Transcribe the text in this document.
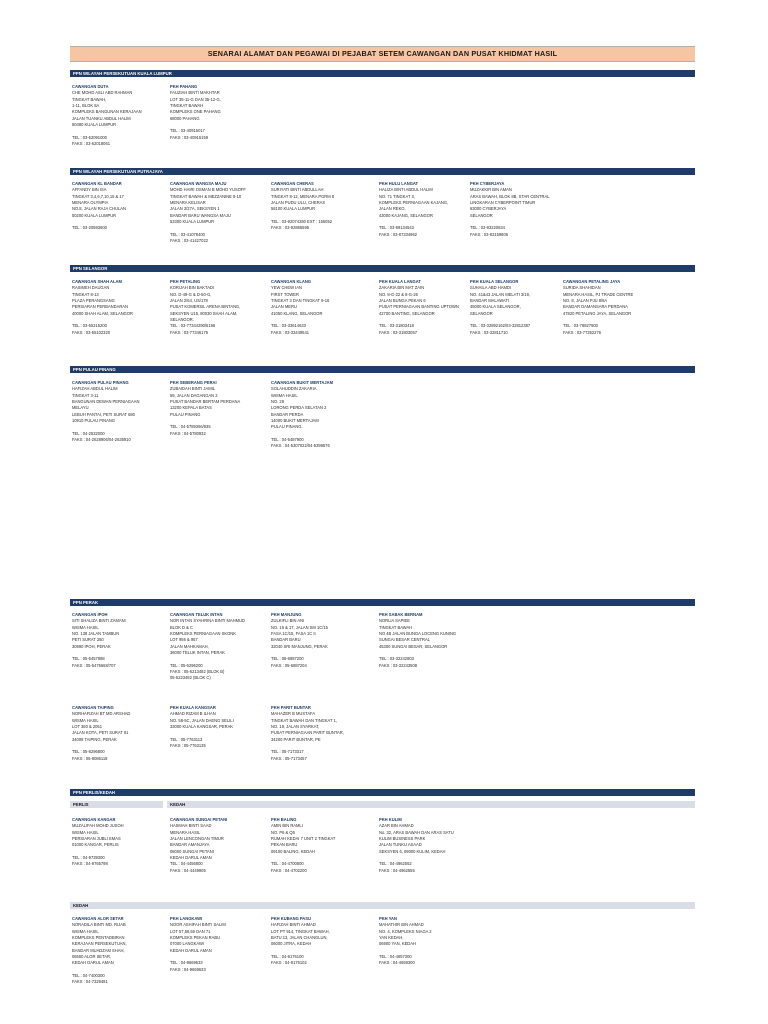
SENARAI ALAMAT DAN PEGAWAI DI PEJABAT SETEM CAWANGAN DAN PUSAT KHIDMAT HASIL
PPN WILAYAH PERSEKUTUAN KUALA LUMPUR
PPN WILAYAH PERSEKUTUAN PUTRAJAYA
PPN SELANGOR
PPN PULAU PINANG
PPN PERAK
PPN PERLIS/KEDAH
PERLIS	KEDAH
KEDAH
CAWANGAN DUTA
CHE MOHD ASLI ABD RAHMAN
TINGKAT BAWAH,
1-11, BLOK 8A
KOMPLEKS BANGUNAN KERAJAAN
JALAN TUANKU ABDUL HALIM
50480 KUALA LUMPUR
TEL : 03-62091000
FAKS : 03-62018061
PKH PAHANG
FAUZIAH BINTI MAKHTAR
LOT 35-11-G DAN 35-12-G,
TINGKAT BAWAH
KOMPLEKS ONE PAHANG
68000 PAHANG
TEL : 03-40915017
FAKS : 03-40915159
CAWANGAN KL BANDAR
AFFANDY BIN ISA
TINGKAT 3,4,6,7,10,15 & 17
MENARA OLYMPIA
NO.8, JALAN RAJA CHULAN
50200 KUALA LUMPUR
TEL : 03-20593600
CAWANGAN WANGSA MAJU
MOHD HAIRI OSMAN B MOHD YUSOFF
TINGKAT BAWAH & MEZZANINE 8-10
MENARA KELISAR
JALAN 3/27A, SEKSYEN 1
BANDAR BARU WANGSA MAJU
53300 KUALA LUMPUR
TEL : 03-41078400
FAKS : 03-41427022
CAWANGAN CHERAS
SURIYATI BINTI ABDULLAH
TINGKAT 8-12, MENARA PGRM 8
JALAN PUDU ULU, CHERAS
56100 KUALA LUMPUR
TEL : 03-92074280 EXT : 155052
FAKS : 03-92866595
PKH HULU LANGAT
HALIZA BINTI ABDUL HALIM
NO. 71 TINGKAT 3,
KOMPLEKS PERNIAGAAN KAJANG,
JALAN REKO,
43000 KAJANG, SELANGOR
TEL : 03-89134543
FAKS : 03-87334962
PKH CYBERJAYA
MUZAKKIR BIN AMAN
ARAS BAWAH, BLOK 8B, STAR CENTRAL
LINGKARAN CYBERPOINT TIMUR
63000 CYBERJAYA
SELANGOR
TEL : 03-83220634
FAKS : 03-83159806
CAWANGAN SHAH ALAM
RASIMEH DAUGAN
TINGKAT 8-13
PLAZA PERANGSANG
PERSIARAN PERBANDARAN
40000 SHAH ALAM, SELANGOR
TEL : 03-55215200
FAKS : 03-55102320
PKH PETALING
KORIJAH BIN BAKTADI
NO. D-49-G & D-50-G,
JALAN 2/64, US/178
PUSAT KOMERSIL ARENA BINTANG,
SEKSYEN U15, 80030 SHAH ALAM,
SELANGOR.
TEL : 03-77344290/5196
FAKS : 03-77346175
CAWANGAN KLANG
YEW CHEW IAN
FIRST TOWER
TINGKAT 3 DAN TINGKAT 9-16
JALAN MERU
41050 KLANG, SELANGOR
TEL : 03-33614633
FAKS : 03-33449541
PKH KUALA LANGAT
ZAKARIA BIN MAT ZAIN
NO. 8-G-22 & 8-G-26
JALAN BUNGA PEKAN 6
PUSAT PERNIAGAAN BANTING UPTOWN
42700 BANTING, SELANGOR
TEL : 03-31803418
FAKS : 03-31803057
PKH KUALA SELANGOR
SUHAILA ABD HAMDI
NO. 41&43 JALAN MELATI 3/19,
BANDAR MALAWATI
45000 KUALA SELANGOR,
SELANGOR
TEL : 03-32892162/03-32812387
FAKS : 03-32811710
CAWANGAN PETALING JAYA
SURIDA SHAHIDAN
MENARA HASIL, PJ TRADE CENTRE
NO. 8, JALAN PJU 8/8A
BANDAR DAMANSARA PERDANA
47820 PETALING JAYA, SELANGOR
TEL : 03-78827500
FAKS : 03-77252276
CAWANGAN PULAU PINANG
HAFIZAH ABDUL HALIM
TINGKAT 3-11
BANGUNAN DEWAN PERNIAGAAN
MELAYU
LEBUH PANTAI, PETI SURAT 680
10910 PULAU PINANG
TEL : 04-2532000
FAKS : 04-2628906/04-2635910
PKH SEBERANG PERAI
ZUBAIDAH BINTI JAMIL
59, JALAN DAGANGAN 2
PUSAT BANDAR BERTAM PERDANA
13200 KEPALA BATAS
PULAU PINANG
TEL : 04-5789366/935
FAKS : 04-5780932
CAWANGAN BUKIT MERTAJAM
SOLAHUDDIN ZAKARIA
WISMA HASIL
NO. 28
LORONG PERDA SELATAN 2
BANDAR PERDA
14000 BUKIT MERTAJAM
PULAU PINANG.
TEL : 04-5487900
FAKS : 04-5307022/04-5399576
CAWANGAN IPOH
SITI SHALIZA BINTI ZAMANI
WISMA HASIL
NO. 138 JALAN TAMBUN
PETI SURAT 250
30990 IPOH, PERAK
TEL : 05-5457888
FAKS : 05-5475668/707
CAWANGAN TELUK INTAN
NOR INTAN SYAHRINA BINTI MAHMUD
BLOK D & C
KOMPLEKS PERNIAGAAN SKONK
LOT 956 & 957
JALAN MAHKAMAH,
36000 TELUK INTAN, PERAK
TEL : 05-6296200
FAKS : 05-6213482 (BLOK B)
05-6223482 (BLOK C)
PKH MANJUNG
ZULKIFLI BIN ANI
NO. 16 & 17, JALAN SM 1C/15
FASA 1C/15, FASA 1C II
BANDAR BARU
32040 SRI MANJUNG, PERAK
TEL : 05-6887200
FAKS : 05-6887204
PKH SABAK BERNAM
NORLIA SAPIEE
TINGKAT BAWAH
NO 4B JALAN BUNGA LOCENG KUNING
SUNGAI BESAR CENTRAL
45300 SUNGAI BESAR, SELANGOR
TEL : 03-32242803
FAKS : 03-32243508
CAWANGAN TAIPING
NORHAFIZAH BT MD ARSHAD
WISMA HASIL
LOT 360 & 2051
JALAN KOTA, PETI SURAT 81
34008 TAIPING, PERAK
TEL : 05-8296800
FAKS : 05-8086118
PKH KUALA KANGSAR
AHMAD RIZAM B ILHAN
NO. 58-5C, JALAN DAENG SELILI
33000 KUALA KANGSAR, PERAK
TEL : 05-7763113
FAKS : 05-7763135
PKH PARIT BUNTAR
MAHAZER B MUSTAFA
TINGKAT BAWAH DAN TINGKAT 1,
NO. 19, JALAN SYARKAT,
PUSAT PERNIAGAAN PARIT BUNTAR,
34200 PARIT BUNTAR, PE
TEL : 05-7173317
FAKS : 05-7173457
CAWANGAN KANGAR
MUZALIFAH MOHD JUSOH
WISMA HASIL
PERSIARAN JUBLI EMAS
01000 KANGAR, PERLIS
TEL : 04-9739300
FAKS : 04-9765798
CAWANGAN SUNGAI PETANI
HASMAH BINTI SAAD
MENARA HASIL
JALAN LENCONGAN TIMUR
BANDAR AMANJAYA
08000 SUNGAI PETANI
KEDAH DARUL AMAN
TEL : 04-4456800
FAKS : 04-4449905
PKH BALING
AMIN BIN RAMLI
NO. P6 & Q5
RUMAH KEDAI 7 UNIT 2 TINGKAT
PEKAN BARU
09100 BALING, KEDAH
TEL : 04-4700800
FAKS : 04-4702200
PKH KULIM
AZAR BIN AHMAD
No. 32, ARAS BAWAH DAN ARAS SATU
KULIM BUSINESS PARK
JALAN TUNKU ASAAD
SEKSYEN 6, 09000 KULIM, KEDAH
TEL : 04-4962552
FAKS : 04-4962555
CAWANGAN ALOR SETAR
NORADILA BINTI MD. RIJAB
WISMA HASIL
KOMPLEKS PENTADBIRAN
KERAJAAN PERSEKUTUAN,
BANDAR MUADZAM SHAH,
06550 ALOR SETAR,
KEDAH DARUL AMAN
TEL : 04-7400300
FAKS : 04-7329481
PKH LANGKAWI
NOOR ASHIFAH BINTI SALIM
LOT 57,58,59 DAN 71
KOMPLEKS PEKAN RABU
07000 LANGKAWI
KEDAH DARUL AMAN
TEL : 04-9669633
FAKS : 04-9669633
PKH KUBANG PASU
HAFIZAH BINTI AHMAD
LOT PT 914, TINGKAT BAWAH,
BATU 13, JALAN CHANGLUN,
06000 JITRA, KEDAH
TEL : 04-9176100
FAKS : 04-9176102
PKH YAN
MAHATHIR BIN AHMAD
NO. 4, KOMPLEKS NIAGA 2
YAN KEDAH,
06900 YAN, KEDAH
TEL : 04-4657300
FAKS : 04-4659300
